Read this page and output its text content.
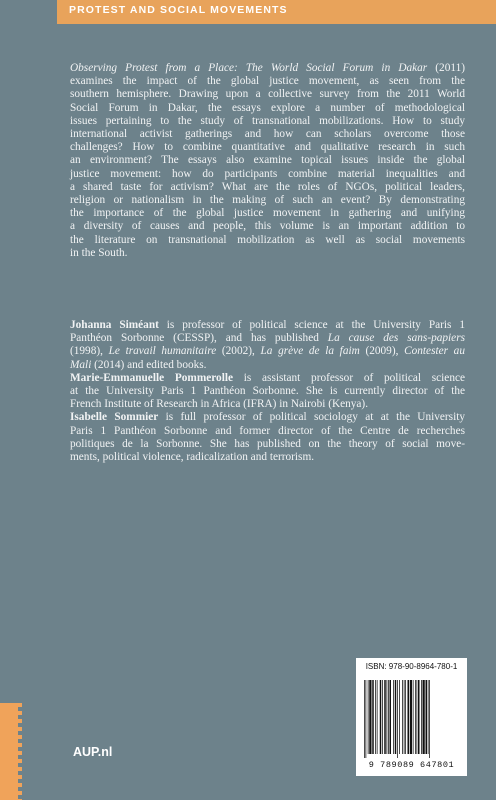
PROTEST AND SOCIAL MOVEMENTS
Observing Protest from a Place: The World Social Forum in Dakar (2011)
examines the impact of the global justice movement, as seen from the
southern hemisphere. Drawing upon a collective survey from the 2011 World
Social Forum in Dakar, the essays explore a number of methodological
issues pertaining to the study of transnational mobilizations. How to study
international activist gatherings and how can scholars overcome those
challenges? How to combine quantitative and qualitative research in such
an environment? The essays also examine topical issues inside the global
justice movement: how do participants combine material inequalities and
a shared taste for activism? What are the roles of NGOs, political leaders,
religion or nationalism in the making of such an event? By demonstrating
the importance of the global justice movement in gathering and unifying
a diversity of causes and people, this volume is an important addition to
the literature on transnational mobilization as well as social movements
in the South.
Johanna Siméant is professor of political science at the University Paris 1
Panthéon Sorbonne (CESSP), and has published La cause des sans-papiers
(1998), Le travail humanitaire (2002), La grève de la faim (2009), Contester au
Mali (2014) and edited books.
Marie-Emmanuelle Pommerolle is assistant professor of political science
at the University Paris 1 Panthéon Sorbonne. She is currently director of the
French Institute of Research in Africa (IFRA) in Nairobi (Kenya).
Isabelle Sommier is full professor of political sociology at at the University
Paris 1 Panthéon Sorbonne and former director of the Centre de recherches
politiques de la Sorbonne. She has published on the theory of social move-
ments, political violence, radicalization and terrorism.
AUP.nl
ISBN: 978-90-8964-780-1
9 789089 647801
